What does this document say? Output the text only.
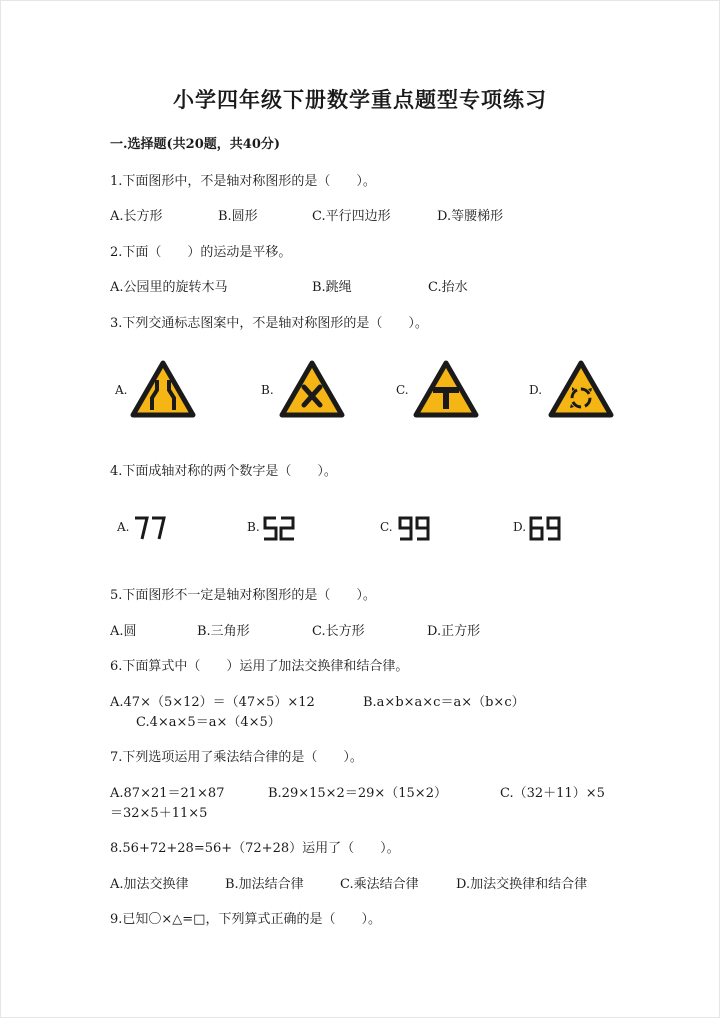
小学四年级下册数学重点题型专项练习
一.选择题(共20题，共40分)
1.下面图形中，不是轴对称图形的是（　　）。
A.长方形	B.圆形	C.平行四边形	D.等腰梯形
2.下面（　　）的运动是平移。
A.公园里的旋转木马	B.跳绳	C.抬水
3.下列交通标志图案中，不是轴对称图形的是（　　）。
A.	B.	C.	D.
4.下面成轴对称的两个数字是（　　）。
A.	B.	C.	D.
5.下面图形不一定是轴对称图形的是（　　）。
A.圆	B.三角形	C.长方形	D.正方形
6.下面算式中（　　）运用了加法交换律和结合律。
A.47×（5×12）＝（47×5）×12	B.a×b×a×c＝a×（b×c）
C.4×a×5＝a×（4×5）
7.下列选项运用了乘法结合律的是（　　）。
A.87×21＝21×87	B.29×15×2＝29×（15×2）	C.（32＋11）×5
＝32×5＋11×5
8.56+72+28=56+（72+28）运用了（　　）。
A.加法交换律	B.加法结合律	C.乘法结合律	D.加法交换律和结合律
9.已知〇×△=□，下列算式正确的是（　　）。
